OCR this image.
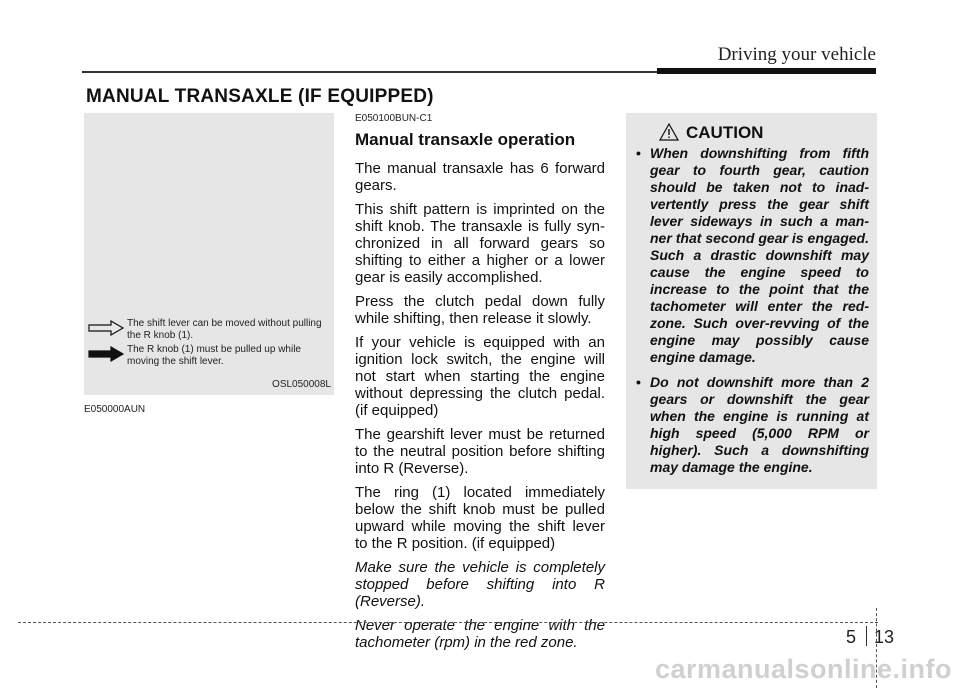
Driving your vehicle
MANUAL TRANSAXLE (IF EQUIPPED)
The shift lever can be moved without pulling the R knob (1).
The R knob (1) must be pulled up while moving the shift lever.
OSL050008L
E050000AUN
E050100BUN-C1
Manual transaxle operation

The manual transaxle has 6 forward gears.

This shift pattern is imprinted on the shift knob. The transaxle is fully syn-chronized in all forward gears so shifting to either a higher or a lower gear is easily accomplished.

Press the clutch pedal down fully while shifting, then release it slowly.

If your vehicle is equipped with an ignition lock switch, the engine will not start when starting the engine without depressing the clutch pedal. (if equipped)

The gearshift lever must be returned to the neutral position before shifting into R (Reverse).

The ring (1) located immediately below the shift knob must be pulled upward while moving the shift lever to the R position. (if equipped)

Make sure the vehicle is completely stopped before shifting into R (Reverse).

Never operate the engine with the tachometer (rpm) in the red zone.

CAUTION
• When downshifting from fifth gear to fourth gear, caution should be taken not to inad-vertently press the gear shift lever sideways in such a man-ner that second gear is engaged. Such a drastic downshift may cause the engine speed to increase to the point that the tachometer will enter the red-zone. Such over-revving of the engine may possibly cause engine damage.
• Do not downshift more than 2 gears or downshift the gear when the engine is running at high speed (5,000 RPM or higher). Such a downshifting may damage the engine.
5 13
carmanualsonline.info
